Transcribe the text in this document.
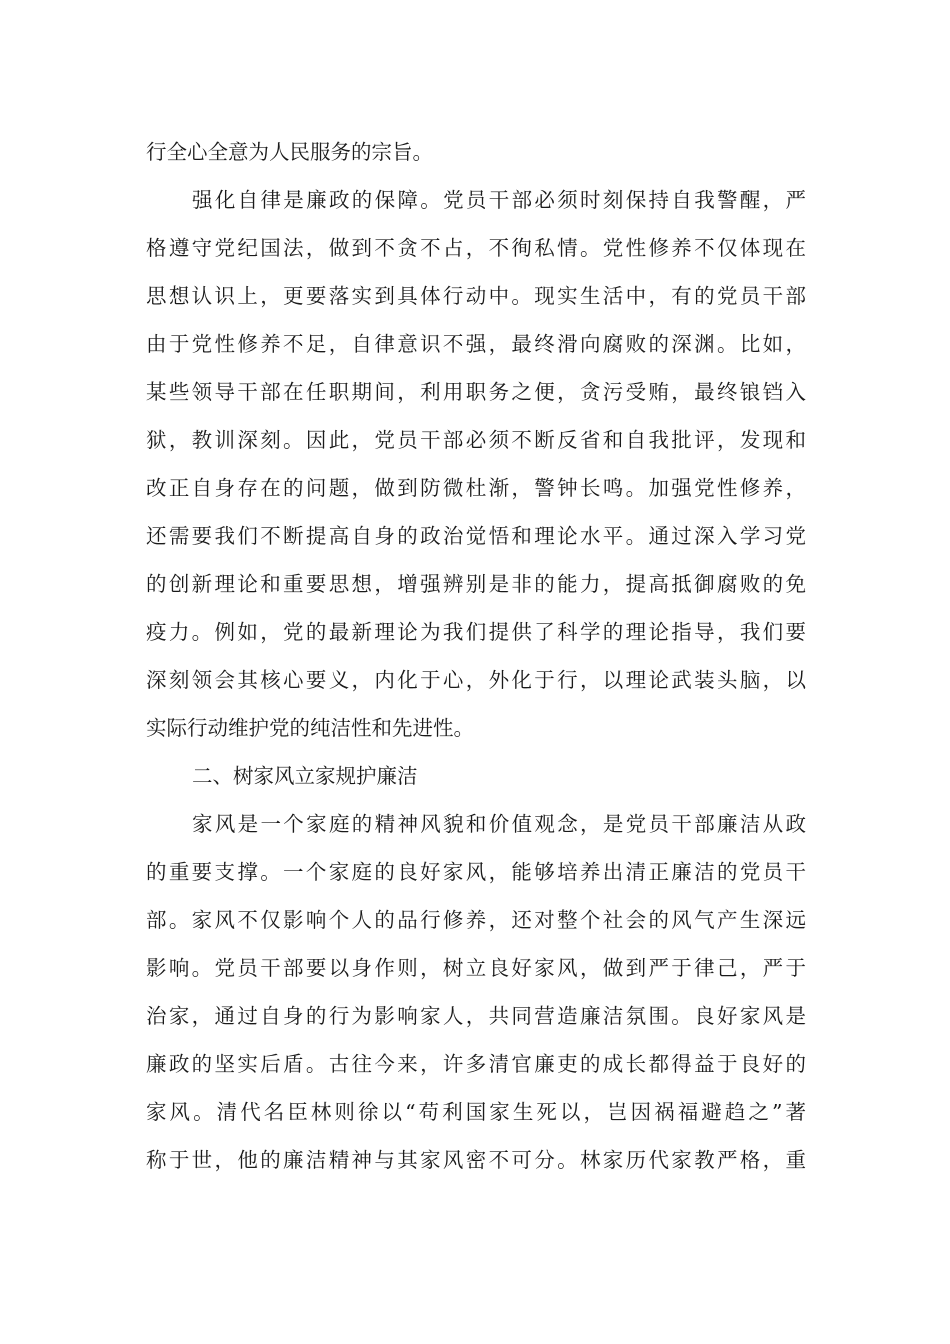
行全心全意为人民服务的宗旨。
强化自律是廉政的保障。党员干部必须时刻保持自我警醒，严
格遵守党纪国法，做到不贪不占，不徇私情。党性修养不仅体现在
思想认识上，更要落实到具体行动中。现实生活中，有的党员干部
由于党性修养不足，自律意识不强，最终滑向腐败的深渊。比如，
某些领导干部在任职期间，利用职务之便，贪污受贿，最终锒铛入
狱，教训深刻。因此，党员干部必须不断反省和自我批评，发现和
改正自身存在的问题，做到防微杜渐，警钟长鸣。加强党性修养，
还需要我们不断提高自身的政治觉悟和理论水平。通过深入学习党
的创新理论和重要思想，增强辨别是非的能力，提高抵御腐败的免
疫力。例如，党的最新理论为我们提供了科学的理论指导，我们要
深刻领会其核心要义，内化于心，外化于行，以理论武装头脑，以
实际行动维护党的纯洁性和先进性。
二、树家风立家规护廉洁
家风是一个家庭的精神风貌和价值观念，是党员干部廉洁从政
的重要支撑。一个家庭的良好家风，能够培养出清正廉洁的党员干
部。家风不仅影响个人的品行修养，还对整个社会的风气产生深远
影响。党员干部要以身作则，树立良好家风，做到严于律己，严于
治家，通过自身的行为影响家人，共同营造廉洁氛围。良好家风是
廉政的坚实后盾。古往今来，许多清官廉吏的成长都得益于良好的
家风。清代名臣林则徐以“苟利国家生死以，岂因祸福避趋之”著
称于世，他的廉洁精神与其家风密不可分。林家历代家教严格，重
